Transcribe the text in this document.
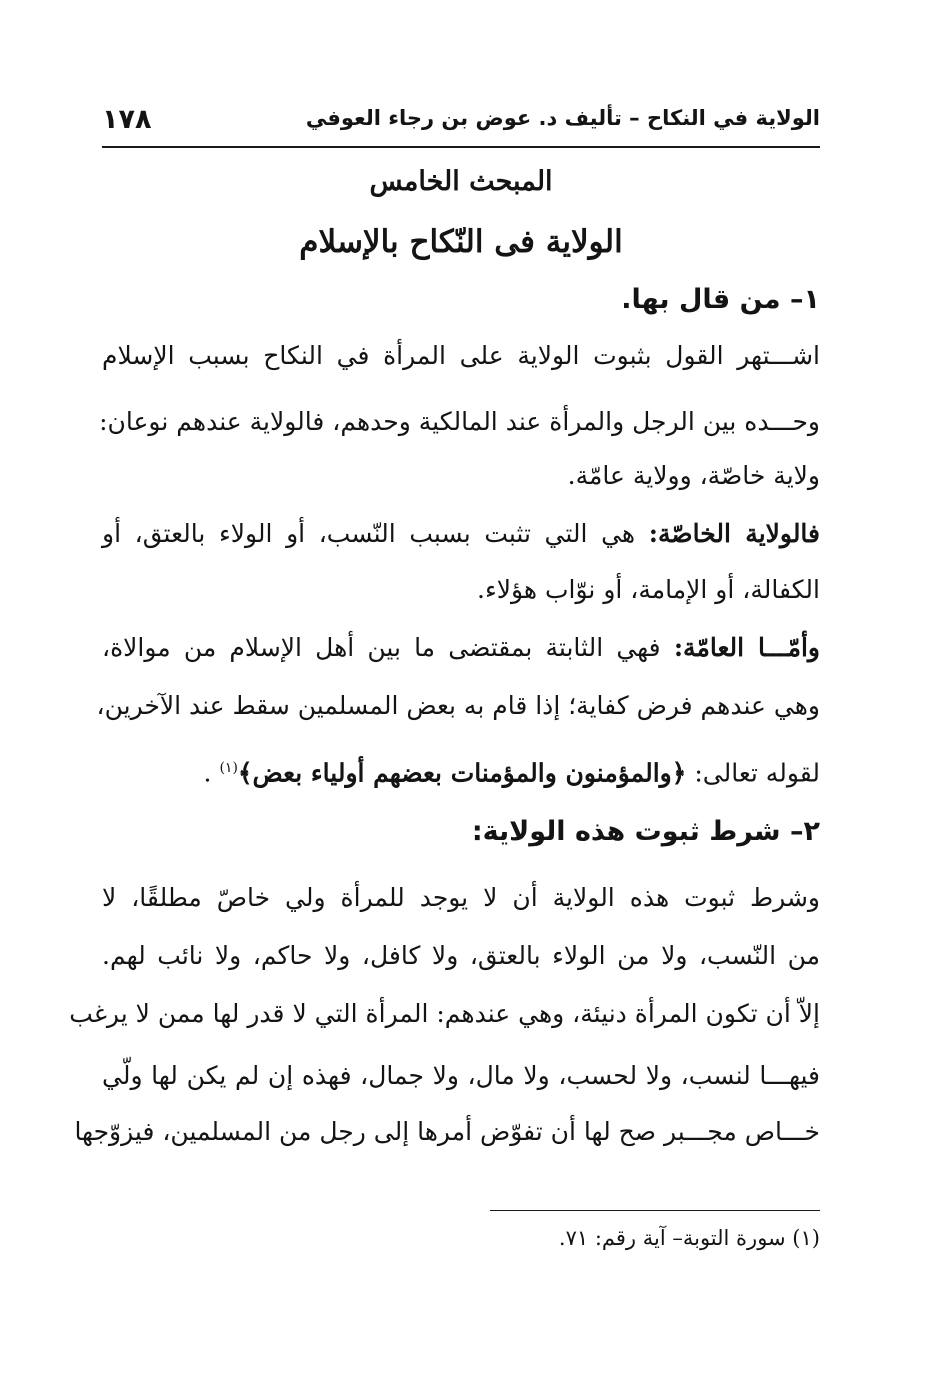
الولاية في النكاح – تأليف د. عوض بن رجاء العوفي
١٧٨
المبحث الخامس
الولاية فى النّكاح بالإسلام
١– من قال بها.
اشـــتهر القول بثبوت الولاية على المرأة في النكاح بسبب الإسلام
وحـــده بين الرجل والمرأة عند المالكية وحدهم، فالولاية عندهم نوعان:
ولاية خاصّة، وولاية عامّة.
فالولاية الخاصّة: هي التي تثبت بسبب النّسب، أو الولاء بالعتق، أو
الكفالة، أو الإمامة، أو نوّاب هؤلاء.
وأمّـــا العامّة: فهي الثابتة بمقتضى ما بين أهل الإسلام من موالاة،
وهي عندهم فرض كفاية؛ إذا قام به بعض المسلمين سقط عند الآخرين،
لقوله تعالى: ﴿والمؤمنون والمؤمنات بعضهم أولياء بعض﴾$^{(١)}$ .
٢– شرط ثبوت هذه الولاية:
وشرط ثبوت هذه الولاية أن لا يوجد للمرأة ولي خاصّ مطلقًا، لا
من النّسب، ولا من الولاء بالعتق، ولا كافل، ولا حاكم، ولا نائب لهم.
إلاّ أن تكون المرأة دنيئة، وهي عندهم: المرأة التي لا قدر لها ممن لا يرغب
فيهـــا لنسب، ولا لحسب، ولا مال، ولا جمال، فهذه إن لم يكن لها ولّي
خـــاص مجـــبر صح لها أن تفوّض أمرها إلى رجل من المسلمين، فيزوّجها
(١) سورة التوبة– آية رقم: ٧١.
